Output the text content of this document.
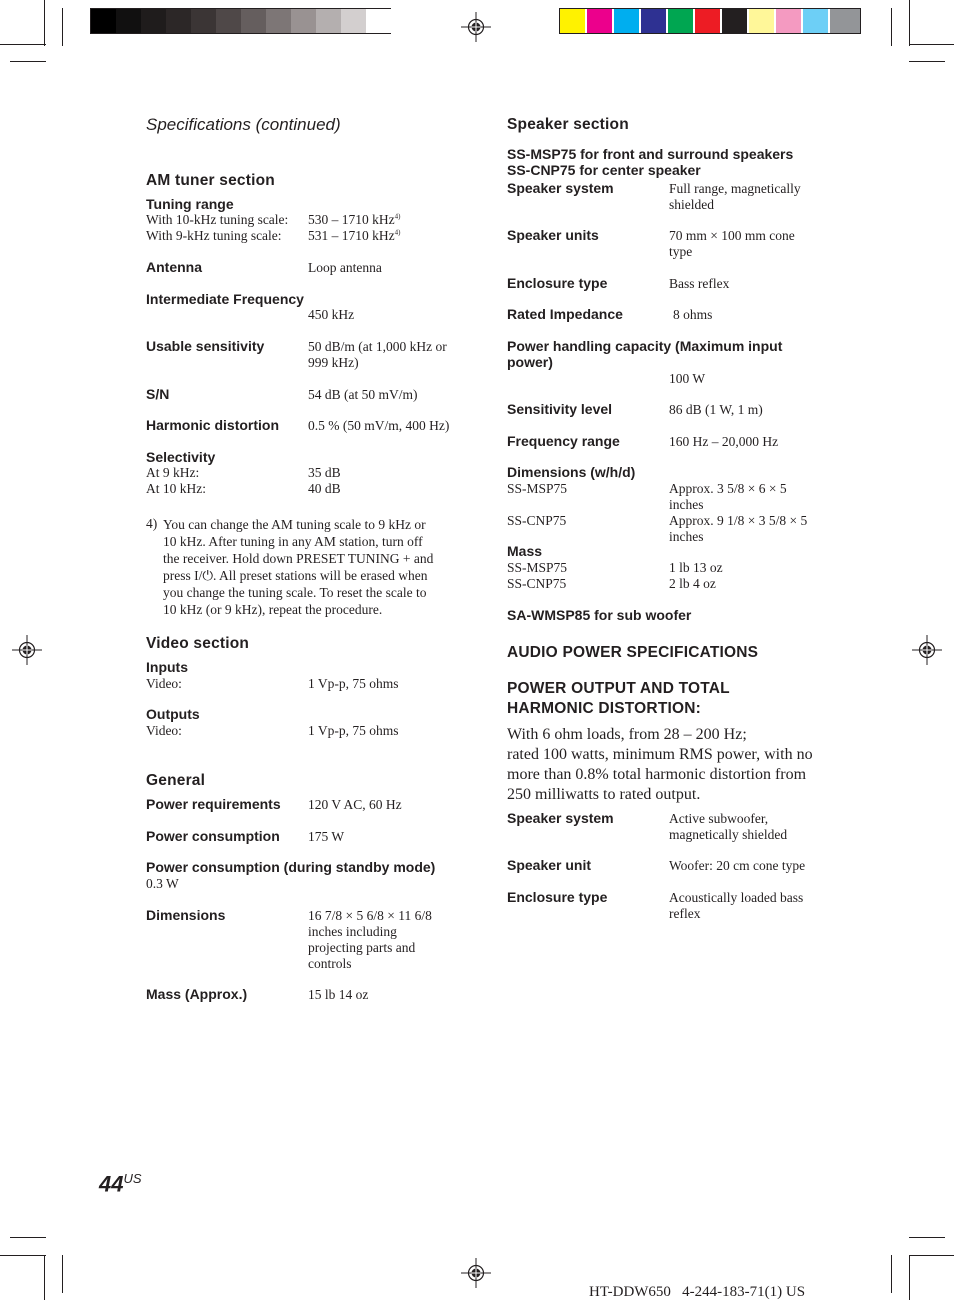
Specifications (continued)
AM tuner section
Tuning range
With 10-kHz tuning scale: 530 – 1710 kHz$^{4)}$
With 9-kHz tuning scale: 531 – 1710 kHz$^{4)}$
Antenna	Loop antenna
Intermediate Frequency
450 kHz
Usable sensitivity	50 dB/m (at 1,000 kHz or
999 kHz)
S/N	54 dB (at 50 mV/m)
Harmonic distortion 0.5 % (50 mV/m, 400 Hz)
Selectivity
At 9 kHz:	35 dB
At 10 kHz:	40 dB
4) You can change the AM tuning scale to 9 kHz or
10 kHz. After tuning in any AM station, turn off
the receiver. Hold down PRESET TUNING + and
press I/⏻. All preset stations will be erased when
you change the tuning scale. To reset the scale to
10 kHz (or 9 kHz), repeat the procedure.
Video section
Inputs
Video:	1 Vp-p, 75 ohms
Outputs
Video:	1 Vp-p, 75 ohms
General
Power requirements 120 V AC, 60 Hz
Power consumption 175 W
Power consumption (during standby mode)
0.3 W
Dimensions	16 7/8 × 5 6/8 × 11 6/8
inches including
projecting parts and
controls
Mass (Approx.)	15 lb 14 oz
Speaker section
SS-MSP75 for front and surround speakers
SS-CNP75 for center speaker
Speaker system	Full range, magnetically
shielded
Speaker units	70 mm × 100 mm cone
type
Enclosure type	Bass reflex
Rated Impedance	8 ohms
Power handling capacity (Maximum input
power)
100 W
Sensitivity level	86 dB (1 W, 1 m)
Frequency range	160 Hz – 20,000 Hz
Dimensions (w/h/d)
SS-MSP75	Approx. 3 5/8 × 6 × 5
inches
SS-CNP75	Approx. 9 1/8 × 3 5/8 × 5
inches
Mass
SS-MSP75	1 lb 13 oz
SS-CNP75	2 lb 4 oz
SA-WMSP85 for sub woofer
AUDIO POWER SPECIFICATIONS
POWER OUTPUT AND TOTAL
HARMONIC DISTORTION:
With 6 ohm loads, from 28 – 200 Hz;
rated 100 watts, minimum RMS power, with no
more than 0.8% total harmonic distortion from
250 milliwatts to rated output.
Speaker system	Active subwoofer,
magnetically shielded
Speaker unit	Woofer: 20 cm cone type
Enclosure type	Acoustically loaded bass
reflex
$44^{US}$
HT-DDW650   4-244-183-71(1) US
